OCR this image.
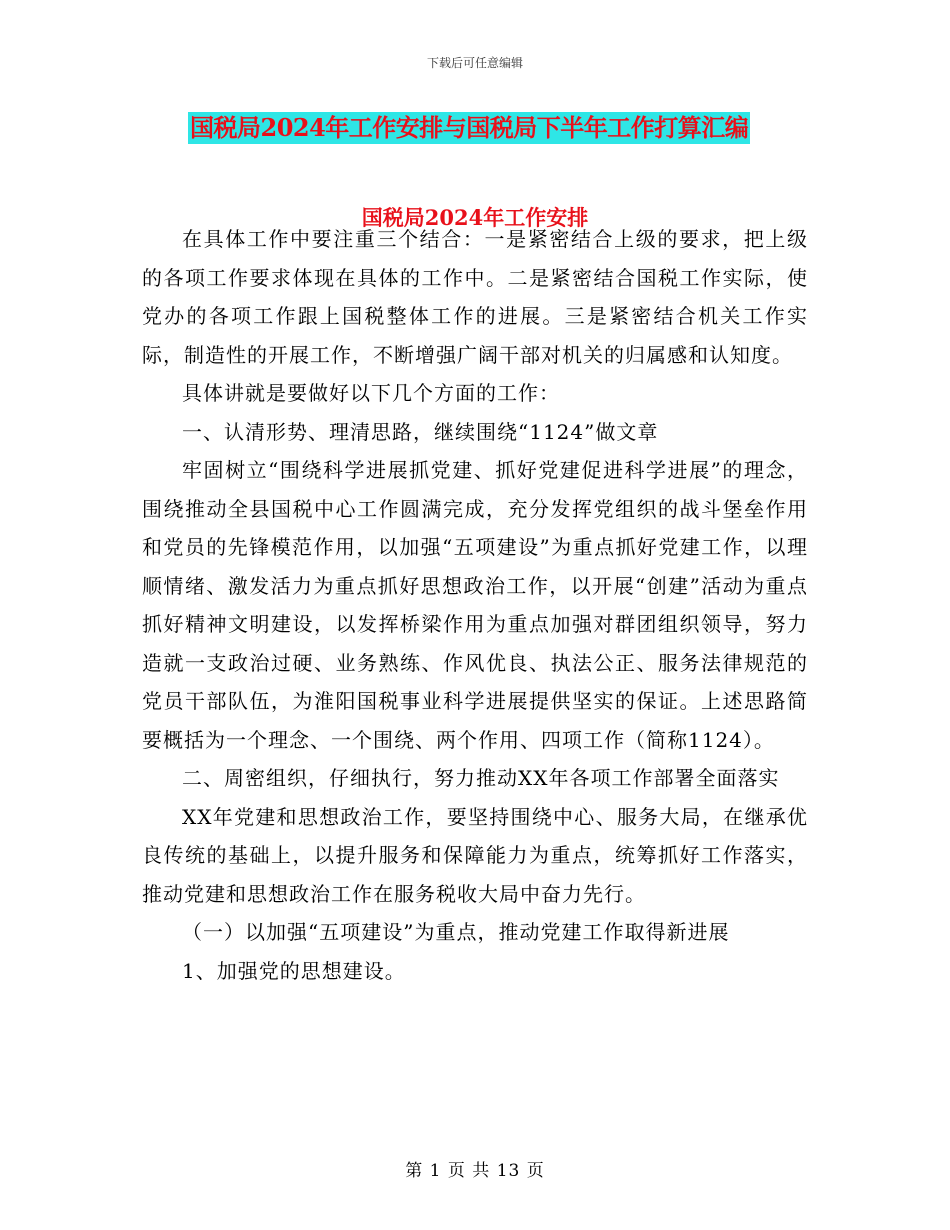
下载后可任意编辑
国税局2024年工作安排与国税局下半年工作打算汇编
国税局2024年工作安排

在具体工作中要注重三个结合：一是紧密结合上级的要求，把上级的各项工作要求体现在具体的工作中。二是紧密结合国税工作实际，使党办的各项工作跟上国税整体工作的进展。三是紧密结合机关工作实际，制造性的开展工作，不断增强广阔干部对机关的归属感和认知度。

具体讲就是要做好以下几个方面的工作：

一、认清形势、理清思路，继续围绕“1124”做文章

牢固树立“围绕科学进展抓党建、抓好党建促进科学进展”的理念，围绕推动全县国税中心工作圆满完成，充分发挥党组织的战斗堡垒作用和党员的先锋模范作用，以加强“五项建设”为重点抓好党建工作，以理顺情绪、激发活力为重点抓好思想政治工作，以开展“创建”活动为重点抓好精神文明建设，以发挥桥梁作用为重点加强对群团组织领导，努力造就一支政治过硬、业务熟练、作风优良、执法公正、服务法律规范的党员干部队伍，为淮阳国税事业科学进展提供坚实的保证。上述思路简要概括为一个理念、一个围绕、两个作用、四项工作（简称1124）。

二、周密组织，仔细执行，努力推动XX年各项工作部署全面落实

XX年党建和思想政治工作，要坚持围绕中心、服务大局，在继承优良传统的基础上，以提升服务和保障能力为重点，统筹抓好工作落实，推动党建和思想政治工作在服务税收大局中奋力先行。

（一）以加强“五项建设”为重点，推动党建工作取得新进展

1、加强党的思想建设。

第 1 页 共 13 页
